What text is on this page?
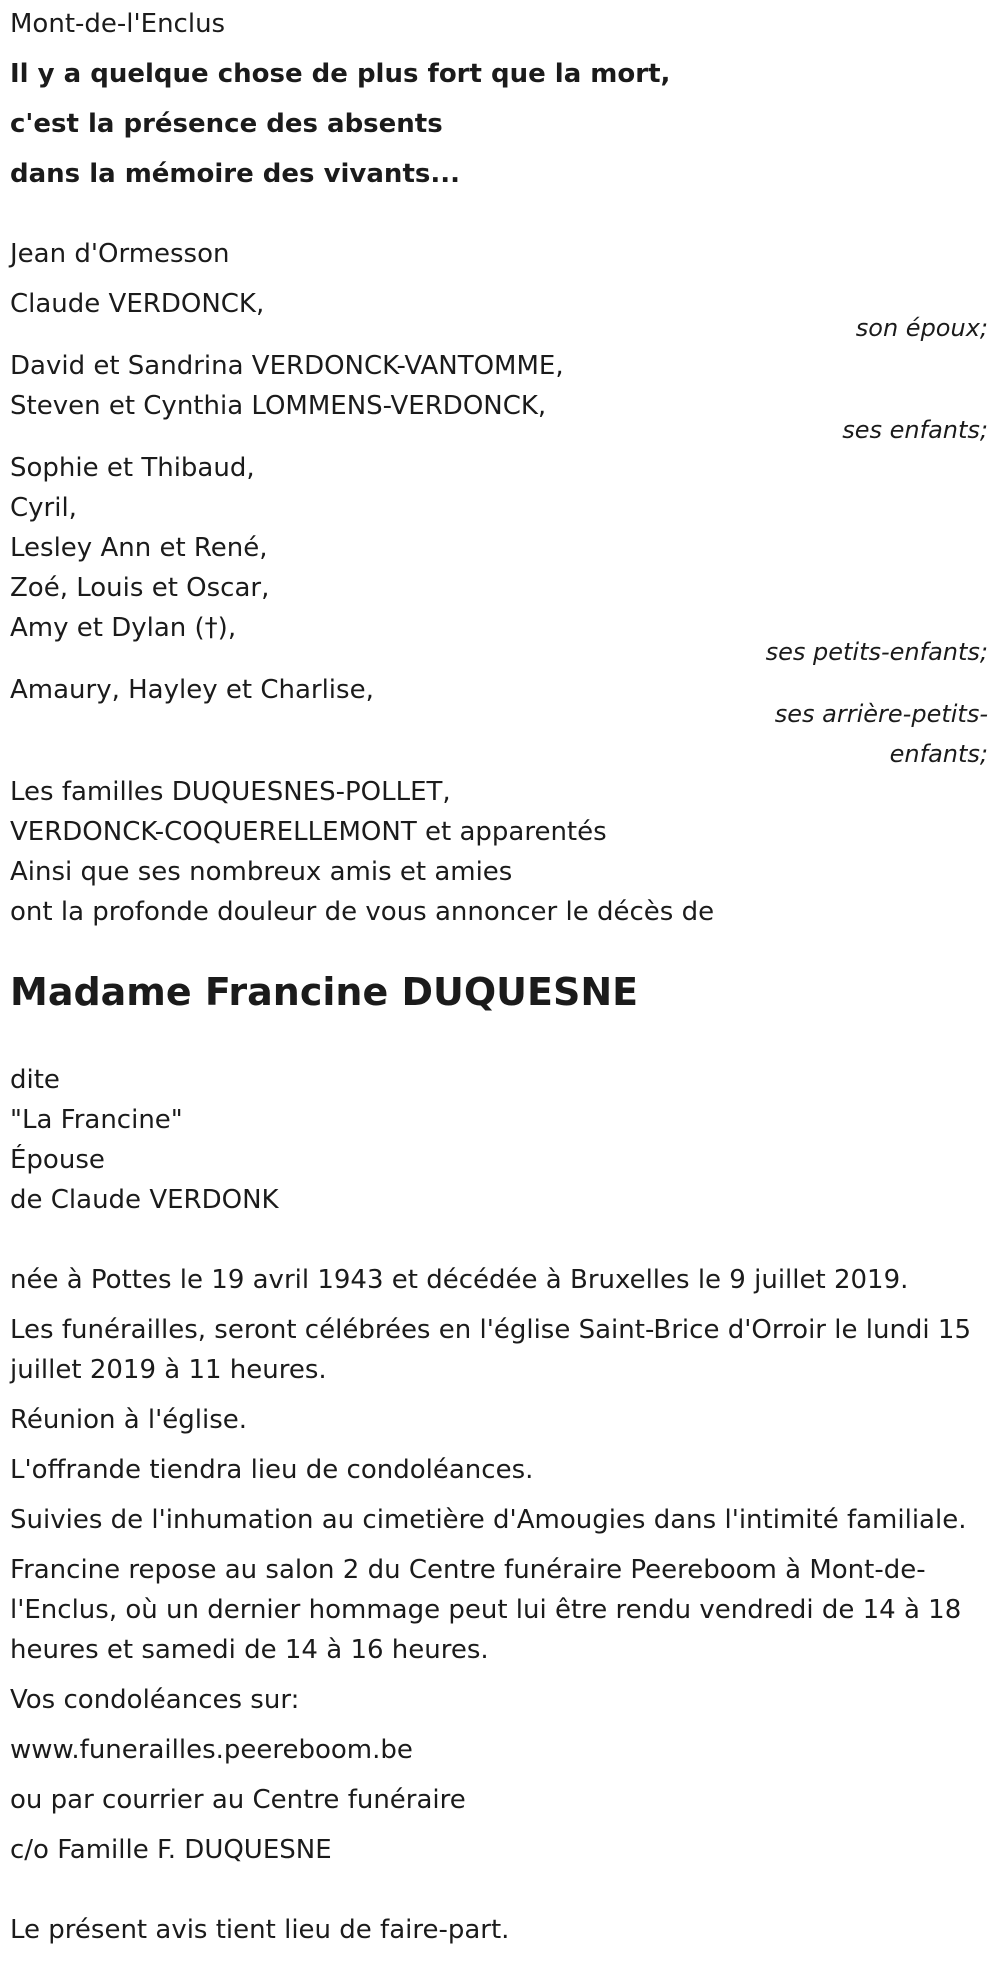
Mont-de-l'Enclus
Il y a quelque chose de plus fort que la mort,
c'est la présence des absents
dans la mémoire des vivants...
Jean d'Ormesson
Claude VERDONCK,
son époux;
David et Sandrina VERDONCK-VANTOMME,
Steven et Cynthia LOMMENS-VERDONCK,
ses enfants;
Sophie et Thibaud,
Cyril,
Lesley Ann et René,
Zoé, Louis et Oscar,
Amy et Dylan (†),
ses petits-enfants;
Amaury, Hayley et Charlise,
ses arrière-petits-
enfants;
Les familles DUQUESNES-POLLET,
VERDONCK-COQUERELLEMONT et apparentés
Ainsi que ses nombreux amis et amies
ont la profonde douleur de vous annoncer le décès de
Madame Francine DUQUESNE
dite
"La Francine"
Épouse
de Claude VERDONK
née à Pottes le 19 avril 1943 et décédée à Bruxelles le 9 juillet 2019.
Les funérailles, seront célébrées en l'église Saint-Brice d'Orroir le lundi 15
juillet 2019 à 11 heures.
Réunion à l'église.
L'offrande tiendra lieu de condoléances.
Suivies de l'inhumation au cimetière d'Amougies dans l'intimité familiale.
Francine repose au salon 2 du Centre funéraire Peereboom à Mont-de-
l'Enclus, où un dernier hommage peut lui être rendu vendredi de 14 à 18
heures et samedi de 14 à 16 heures.
Vos condoléances sur:
www.funerailles.peereboom.be
ou par courrier au Centre funéraire
c/o Famille F. DUQUESNE
Le présent avis tient lieu de faire-part.
